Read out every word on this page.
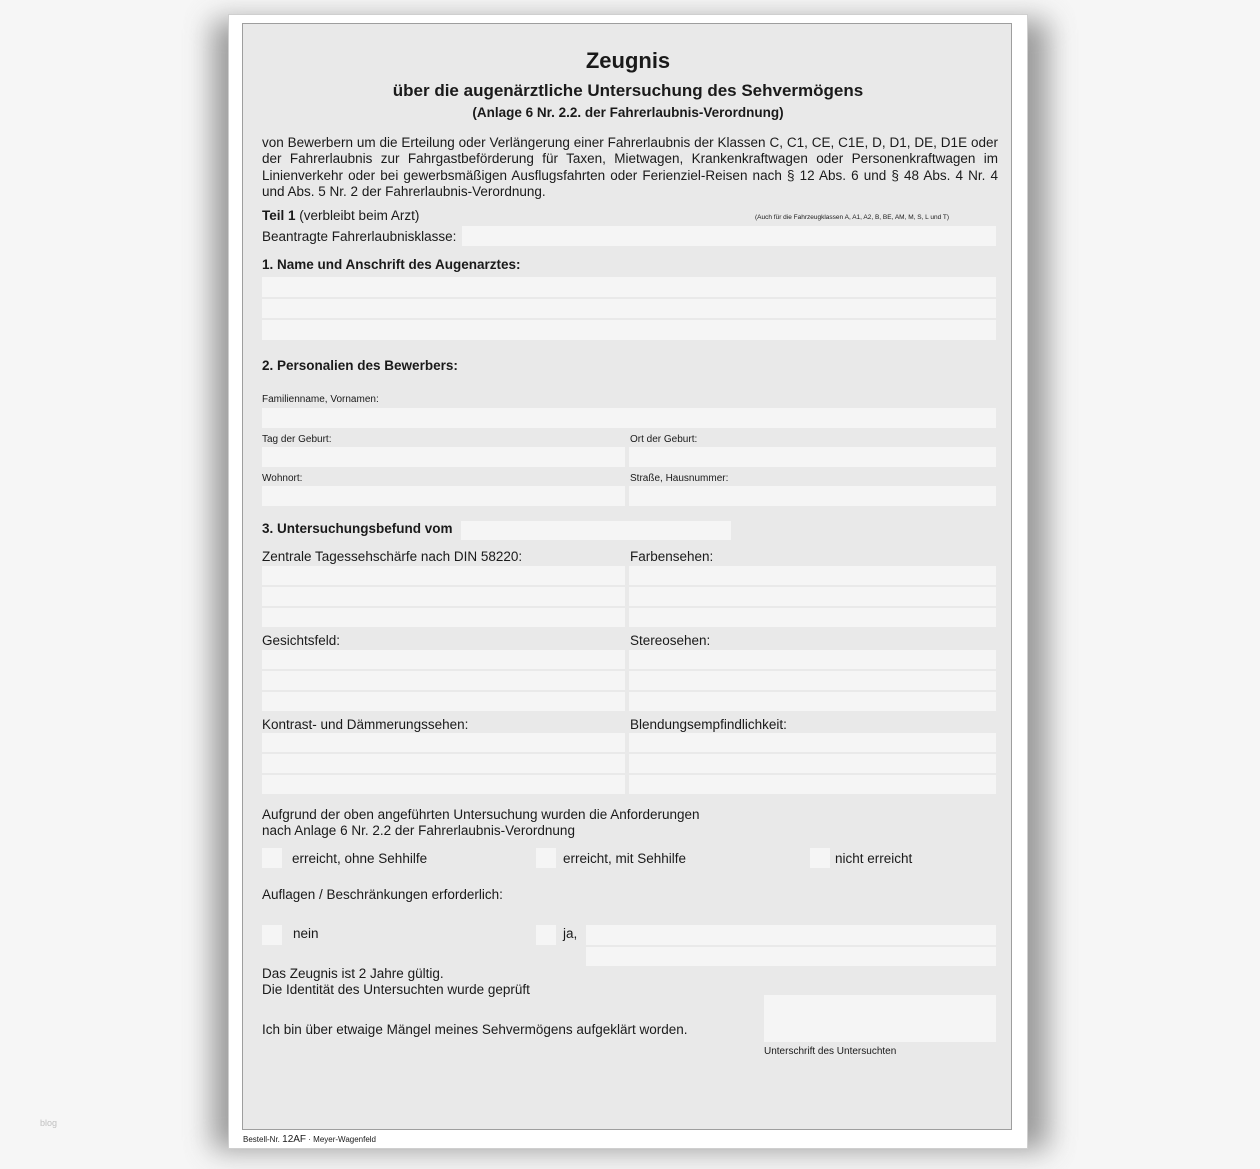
Zeugnis
über die augenärztliche Untersuchung des Sehvermögens
(Anlage 6 Nr. 2.2. der Fahrerlaubnis-Verordnung)
von Bewerbern um die Erteilung oder Verlängerung einer Fahrerlaubnis der Klassen C, C1, CE, C1E, D, D1, DE, D1E oder der Fahrerlaubnis zur Fahrgastbeförderung für Taxen, Mietwagen, Krankenkraftwagen oder Personenkraftwagen im Linienverkehr oder bei gewerbsmäßigen Ausflugsfahrten oder Ferienziel-Reisen nach § 12 Abs. 6 und § 48 Abs. 4 Nr. 4 und Abs. 5 Nr. 2 der Fahrerlaubnis-Verordnung.
Teil 1 (verbleibt beim Arzt)	(Auch für die Fahrzeugklassen A, A1, A2, B, BE, AM, M, S, L und T)
Beantragte Fahrerlaubnisklasse:
1. Name und Anschrift des Augenarztes:
2. Personalien des Bewerbers:
Familienname, Vornamen:
Tag der Geburt:	Ort der Geburt:
Wohnort:	Straße, Hausnummer:
3. Untersuchungsbefund vom
Zentrale Tagessehschärfe nach DIN 58220:	Farbensehen:
Gesichtsfeld:	Stereosehen:
Kontrast- und Dämmerungssehen:	Blendungsempfindlichkeit:
Aufgrund der oben angeführten Untersuchung wurden die Anforderungen
nach Anlage 6 Nr. 2.2 der Fahrerlaubnis-Verordnung
erreicht, ohne Sehhilfe	erreicht, mit Sehhilfe	nicht erreicht
Auflagen / Beschränkungen erforderlich:
nein	ja,
Das Zeugnis ist 2 Jahre gültig.
Die Identität des Untersuchten wurde geprüft
Ich bin über etwaige Mängel meines Sehvermögens aufgeklärt worden.
Unterschrift des Untersuchten
Bestell-Nr. 12AF · Meyer-Wagenfeld
blog
